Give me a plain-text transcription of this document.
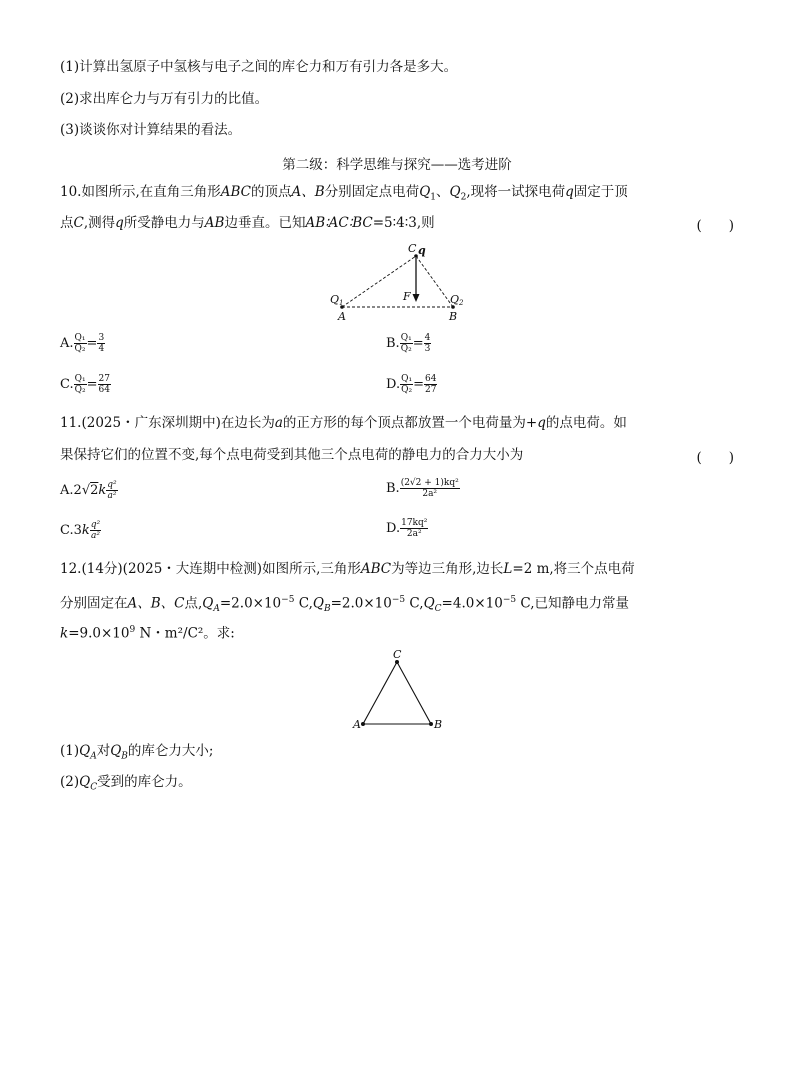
(1)计算出氢原子中氢核与电子之间的库仑力和万有引力各是多大。
(2)求出库仑力与万有引力的比值。
(3)谈谈你对计算结果的看法。
第二级：科学思维与探究——选考进阶
10.如图所示,在直角三角形ABC的顶点A、B分别固定点电荷$Q_1$、$Q_2$,现将一试探电荷q固定于顶
点C,测得q所受静电力与AB边垂直。已知AB∶AC∶BC=5∶4∶3,则	(　　)
C q
F
Q1	Q2
A	B
A. $\frac{\text{Q₁}}{\text{Q₂}} = \frac{3}{4}$	B. $\frac{\text{Q₁}}{\text{Q₂}} = \frac{4}{3}$
C. $\frac{\text{Q₁}}{\text{Q₂}} = \frac{27}{64}$	D. $\frac{\text{Q₁}}{\text{Q₂}} = \frac{64}{27}$
11.(2025・广东深圳期中)在边长为a的正方形的每个顶点都放置一个电荷量为+q的点电荷。如
果保持它们的位置不变,每个点电荷受到其他三个点电荷的静电力的合力大小为	(　　)
$A.2√2k \frac{\text{q²}}{\text{a²}}$	B. $\frac{\text{(2√2 + 1)kq²}}{\text{2a²}}$
$C.3k \frac{\text{q²}}{\text{a²}}$	D. $\frac{\text{17kq²}}{\text{2a²}}$
12.(14分)(2025・大连期中检测)如图所示,三角形ABC为等边三角形,边长L=2 m,将三个点电荷
分别固定在A、B、C点$,Q_A=2.0\times 10^{-5}$ $C,Q_B=2.0\times 10^{-5}$ $C,Q_C=4.0\times 10^{-5}$ C,已知静电力常量
$k=9.0\times 10^9$ N・m²/C²。求:
C
A	B
$(1)Q_A$对$Q_B$的库仑力大小;
$(2)Q_C$受到的库仑力。
